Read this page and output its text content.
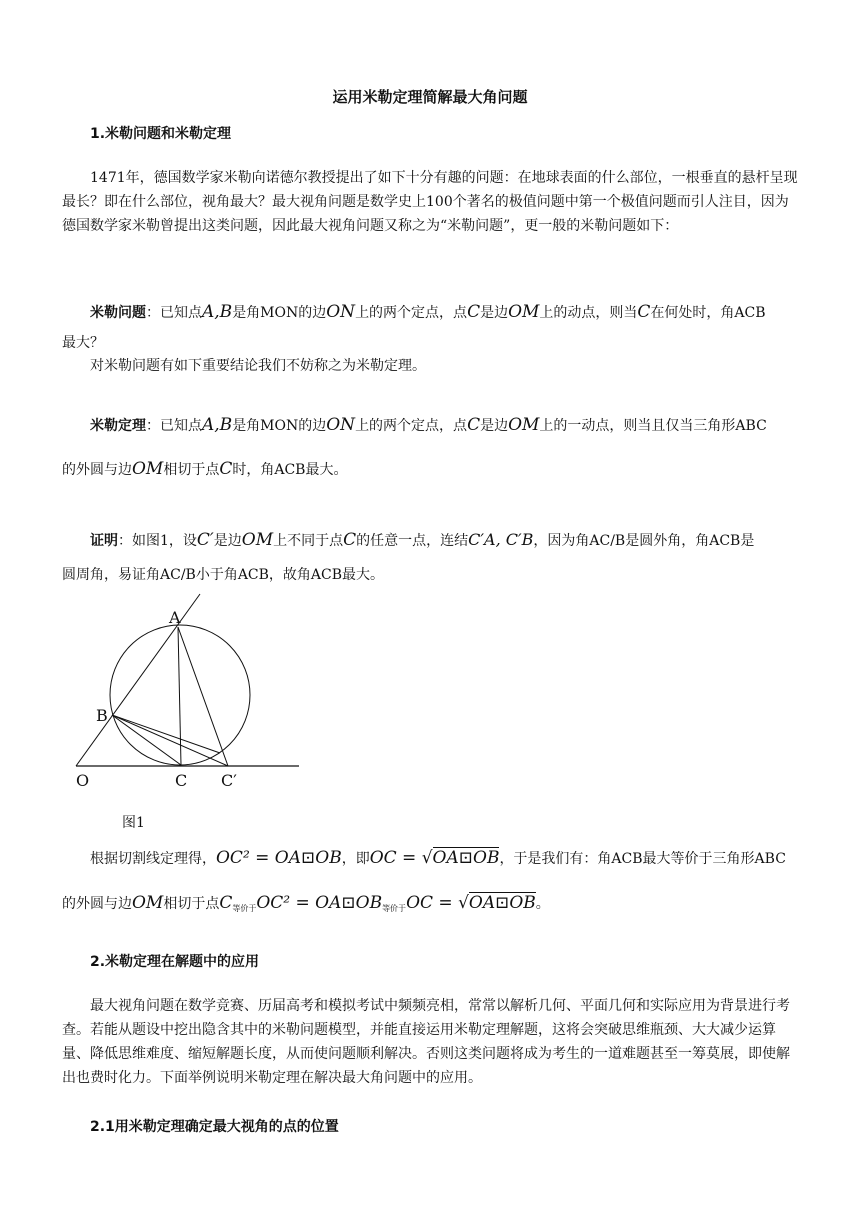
运用米勒定理简解最大角问题
1.米勒问题和米勒定理
1471年，德国数学家米勒向诺德尔教授提出了如下十分有趣的问题：在地球表面的什么部位，一根垂直的悬杆呈现最长？即在什么部位，视角最大？最大视角问题是数学史上100个著名的极值问题中第一个极值问题而引人注目，因为德国数学家米勒曾提出这类问题，因此最大视角问题又称之为“米勒问题”，更一般的米勒问题如下：
米勒问题：已知点A,B是角MON的边ON上的两个定点，点C是边OM上的动点，则当C在何处时，角ACB
最大？
对米勒问题有如下重要结论我们不妨称之为米勒定理。
米勒定理：已知点A,B是角MON的边ON上的两个定点，点C是边OM上的一动点，则当且仅当三角形ABC
的外圆与边OM相切于点C时，角ACB最大。
证明：如图1，设C′是边OM上不同于点C的任意一点，连结C′A, C′B，因为角AC/B是圆外角，角ACB是
圆周角，易证角AC/B小于角ACB，故角ACB最大。
A
B
O	C C′
图1
根据切割线定理得，OC² = OA⊡OB，即OC = √OA⊡OB，于是我们有：角ACB最大等价于三角形ABC
的外圆与边OM相切于点$C_{等价于}OC^2$ = $OA⊡OB_{等价于}OC$ = √OA⊡OB。
2.米勒定理在解题中的应用
最大视角问题在数学竞赛、历届高考和模拟考试中频频亮相，常常以解析几何、平面几何和实际应用为背景进行考查。若能从题设中挖出隐含其中的米勒问题模型，并能直接运用米勒定理解题，这将会突破思维瓶颈、大大减少运算量、降低思维难度、缩短解题长度，从而使问题顺利解决。否则这类问题将成为考生的一道难题甚至一筹莫展，即使解出也费时化力。下面举例说明米勒定理在解决最大角问题中的应用。
2.1用米勒定理确定最大视角的点的位置
